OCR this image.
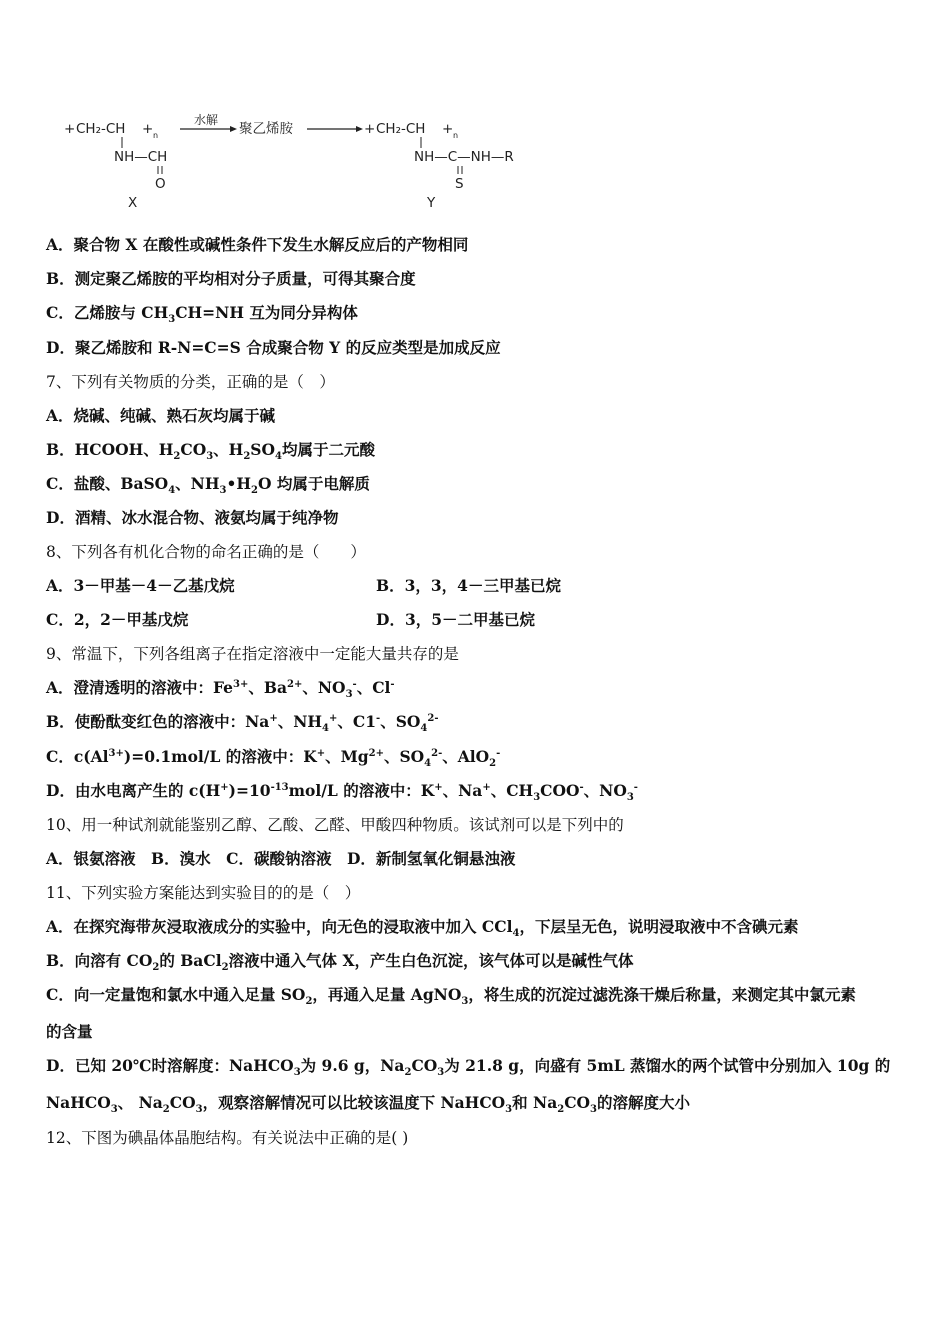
+ CH₂-CH + n
NH—CH
O
X
水解
聚乙烯胺	+ CH₂-CH + n
NH—C—NH—R
S
Y
A．聚合物 X 在酸性或碱性条件下发生水解反应后的产物相同
B．测定聚乙烯胺的平均相对分子质量，可得其聚合度
C．乙烯胺与 $CH_3CH=NH$ 互为同分异构体
D．聚乙烯胺和 R-N=C=S 合成聚合物 Y 的反应类型是加成反应
7、下列有关物质的分类，正确的是（　）
A．烧碱、纯碱、熟石灰均属于碱
B．HCOOH、$H_2CO_3$、$H_2SO_4$均属于二元酸
C．盐酸、BaSO$_4$、$NH_3•H_2O$ 均属于电解质
D．酒精、冰水混合物、液氨均属于纯净物
8、下列各有机化合物的命名正确的是（　　）
A．3－甲基－4－乙基戊烷	B．3，3，4－三甲基已烷
C．2，2－甲基戊烷	D．3，5－二甲基已烷
9、常温下，下列各组离子在指定溶液中一定能大量共存的是
A．澄清透明的溶液中：$Fe^{3+}$、$Ba^{2+}$、$NO_3^-$、Cl-
B．使酚酞变红色的溶液中：Na+、$NH_4^+$、C1-、$SO_4^{2-}$
C．$c(Al^{3+})=0.1mol/L$ 的溶液中：K+、$Mg^{2+}$、$SO_4^{2-}$、AlO$_2$-
D．由水电离产生的 $c(H^+)=10^{-13}mol/L$ 的溶液中：K+、Na+、$CH_3COO^-$、$NO_3^-$
10、用一种试剂就能鉴别乙醇、乙酸、乙醛、甲酸四种物质。该试剂可以是下列中的
A．银氨溶液　B．溴水　C．碳酸钠溶液　D．新制氢氧化铜悬浊液
11、下列实验方案能达到实验目的的是（　）
A．在探究海带灰浸取液成分的实验中，向无色的浸取液中加入 CCl$_4$，下层呈无色，说明浸取液中不含碘元素
B．向溶有 $CO_2$的 BaCl$_2$溶液中通入气体 X，产生白色沉淀，该气体可以是碱性气体
C．向一定量饱和氯水中通入足量 $SO_2$，再通入足量 AgNO$_3$，将生成的沉淀过滤洗涤干燥后称量，来测定其中氯元素
的含量
D．已知 20℃时溶解度：NaHCO$_3$为 9.6 g，$Na_2CO_3$为 21.8 g，向盛有 5mL 蒸馏水的两个试管中分别加入 10g 的
NaHCO$_3$、 $Na_2CO_3$，观察溶解情况可以比较该温度下 NaHCO$_3$和 $Na_2CO_3$的溶解度大小
12、下图为碘晶体晶胞结构。有关说法中正确的是( )
